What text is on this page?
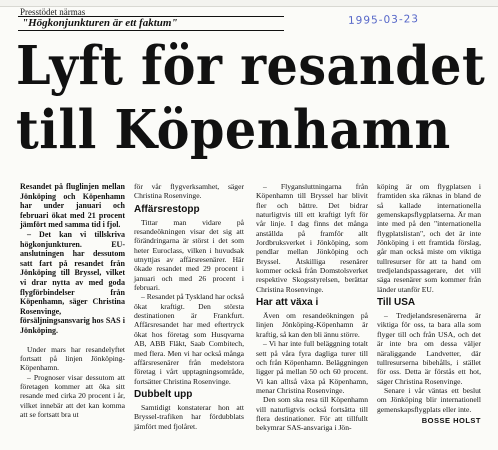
Presstödet närmas
1995-03-23
"Högkonjunkturen är ett faktum"
Lyft för resandet
till Köpenhamn

Resandet på fluglinjen mellan Jönköping och Köpenhamn har under januari och februari ökat med 21 procent jämfört med samma tid i fjol.

– Det kan vi tillskriva högkonjunkturen. EU-anslutningen har dessutom satt fart på resandet från Jönköping till Bryssel, vilket vi drar nytta av med goda flygförbindelser från Köpenhamn, säger Christina Rosenvinge, försäljningsansvarig hos SAS i Jönköping.

Under mars har resandelyftet fortsatt på linjen Jönköping-Köpenhamn.

– Prognoser visar dessutom att företagen kommer att öka sitt resande med cirka 20 procent i år, vilket innebär att det kan komma att se fortsatt bra ut

för vår flygverksamhet, säger Christina Rosenvinge.

Affärsrestopp

Tittar man vidare på resandeökningen visar det sig att förändringarna är störst i det som heter Euroclass, vilken i huvudsak utnyttjas av affärsresenärer. Här ökade resandet med 29 procent i januari och med 26 procent i februari.

– Resandet på Tyskland har också ökat kraftigt. Den största destinationen är Frankfurt. Affärsresandet har med eftertryck ökat hos företag som Husqvarna AB, ABB Fläkt, Saab Combitech, med flera. Men vi har också många affärsresenärer från medelstora företag i vårt upptagningsområde, fortsätter Christina Rosenvinge.

Dubbelt upp

Samtidigt konstaterar hon att Bryssel-trafiken har fördubblats jämfört med fjolåret.

– Flygansluttningarna från Köpenhamn till Bryssel har blivit fler och bättre. Det bidrar naturligtvis till ett kraftigt lyft för vår linje. I dag finns det många anställda på framför allt Jordbruksverket i Jönköping, som pendlar mellan Jönköping och Bryssel. Åtskilliga resenärer kommer också från Domstolsverket respektive Skogsstyrelsen, berättar Christina Rosenvinge.

Har att växa i

Även om resandeökningen på linjen Jönköping-Köpenhamn är kraftig, så kan den bli ännu större.

– Vi har inte full beläggning totalt sett på våra fyra dagliga turer till och från Köpenhamn. Beläggningen ligger på mellan 50 och 60 procent. Vi kan alltså växa på Köpenhamn, menar Christina Rosenvinge.

Den som ska resa till Köpenhamn vill naturligtvis också fortsätta till flera destinationer. För att tillfullt bekymrar SAS-ansvariga i Jön-

köping är om flygplatsen i framtiden ska räknas in bland de så kallade internationella gemenskapsflygplatserna. Är man inte med på den "internationella flygplatslistan", och det är inte Jönköping i ett framtida förslag, går man också miste om viktiga tullresurser för att ta hand om tredjelandspassagerare, det vill säga resenärer som kommer från länder utanför EU.

Till USA

– Tredjelandsresenärerna är viktiga för oss, ta bara alla som flyger till och från USA, och det är inte bra om dessa väljer näraliggande Landvetter, där tullresurserna bibehålls, i stället för oss. Detta är förstås ett hot, säger Christina Rosenvinge.

Senare i vår väntas ett beslut om Jönköping blir internationell gemenskapsflygplats eller inte.

BOSSE HOLST
